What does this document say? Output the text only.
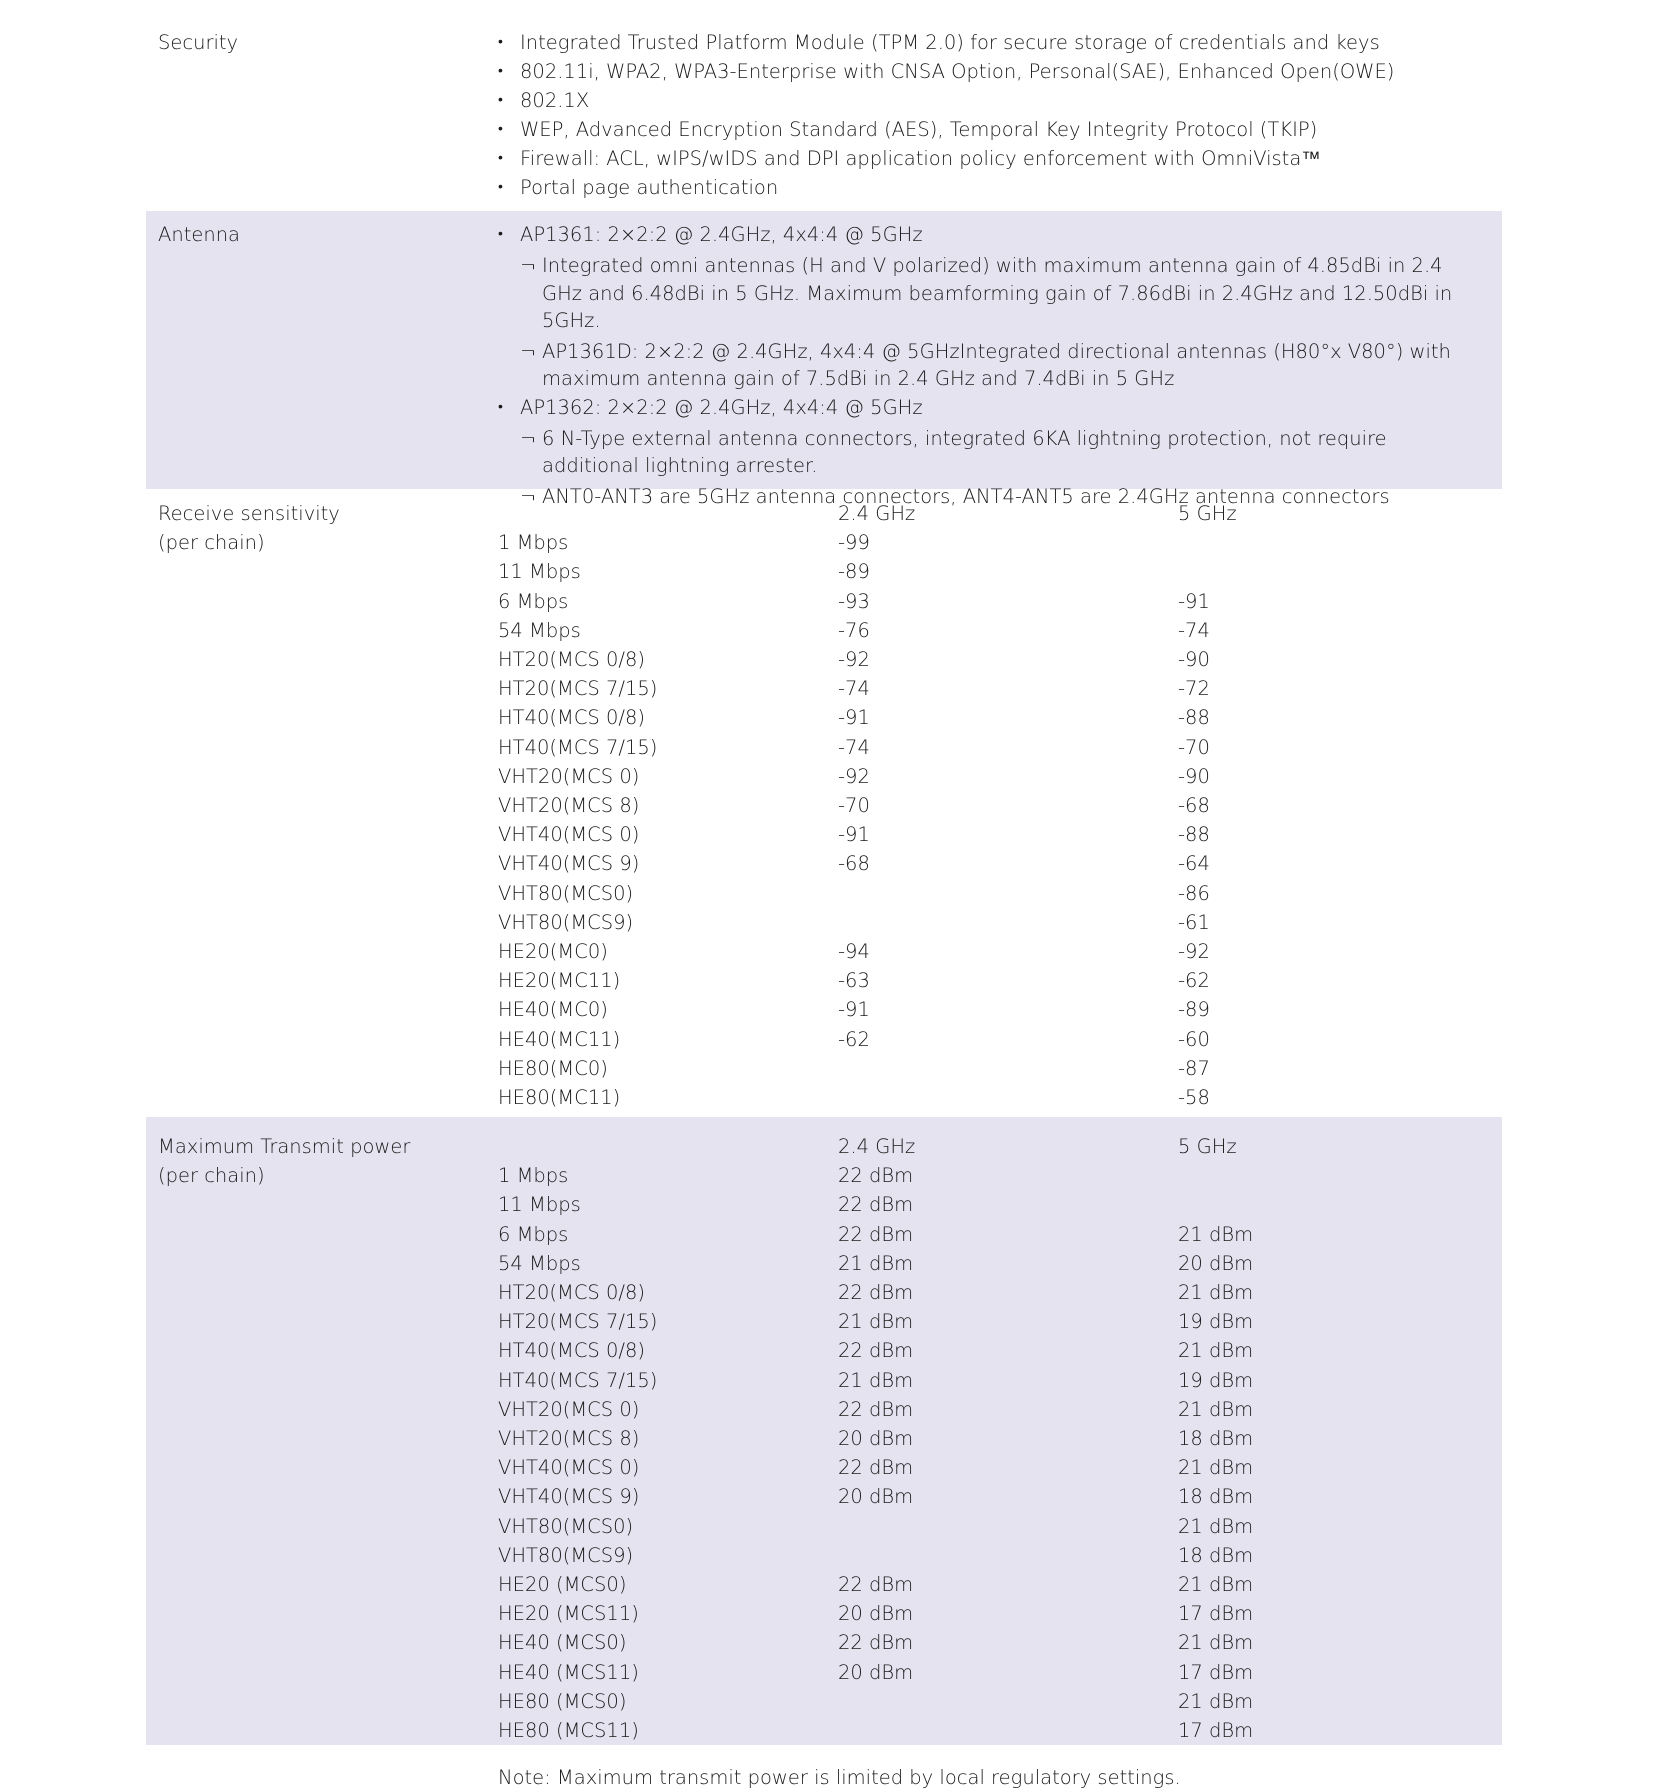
Security	• Integrated Trusted Platform Module (TPM 2.0) for secure storage of credentials and keys
• 802.11i, WPA2, WPA3-Enterprise with CNSA Option, Personal(SAE), Enhanced Open(OWE)
• 802.1X
• WEP, Advanced Encryption Standard (AES), Temporal Key Integrity Protocol (TKIP)
• Firewall: ACL, wIPS/wIDS and DPI application policy enforcement with OmniVista™
• Portal page authentication
Antenna	• AP1361: 2×2:2 @ 2.4GHz, 4x4:4 @ 5GHz
¬ Integrated omni antennas (H and V polarized) with maximum antenna gain of 4.85dBi in 2.4 GHz and 6.48dBi in 5 GHz. Maximum beamforming gain of 7.86dBi in 2.4GHz and 12.50dBi in 5GHz.
¬ AP1361D: 2×2:2 @ 2.4GHz, 4x4:4 @ 5GHzIntegrated directional antennas (H80°x V80°) with maximum antenna gain of 7.5dBi in 2.4 GHz and 7.4dBi in 5 GHz
• AP1362: 2×2:2 @ 2.4GHz, 4x4:4 @ 5GHz
¬ 6 N-Type external antenna connectors, integrated 6KA lightning protection, not require additional lightning arrester.
¬ ANT0-ANT3 are 5GHz antenna connectors, ANT4-ANT5 are 2.4GHz antenna connectors
Receive sensitivity
(per chain)
	2.4 GHz	5 GHz
1 Mbps	-99	
11 Mbps	-89	
6 Mbps	-93	-91
54 Mbps	-76	-74
HT20(MCS 0/8)	-92	-90
HT20(MCS 7/15)	-74	-72
HT40(MCS 0/8)	-91	-88
HT40(MCS 7/15)	-74	-70
VHT20(MCS 0)	-92	-90
VHT20(MCS 8)	-70	-68
VHT40(MCS 0)	-91	-88
VHT40(MCS 9)	-68	-64
VHT80(MCS0)		-86
VHT80(MCS9)		-61
HE20(MC0)	-94	-92
HE20(MC11)	-63	-62
HE40(MC0)	-91	-89
HE40(MC11)	-62	-60
HE80(MC0)		-87
HE80(MC11)		-58
Maximum Transmit power
(per chain)
	2.4 GHz	5 GHz
1 Mbps	22 dBm	
11 Mbps	22 dBm	
6 Mbps	22 dBm	21 dBm
54 Mbps	21 dBm	20 dBm
HT20(MCS 0/8)	22 dBm	21 dBm
HT20(MCS 7/15)	21 dBm	19 dBm
HT40(MCS 0/8)	22 dBm	21 dBm
HT40(MCS 7/15)	21 dBm	19 dBm
VHT20(MCS 0)	22 dBm	21 dBm
VHT20(MCS 8)	20 dBm	18 dBm
VHT40(MCS 0)	22 dBm	21 dBm
VHT40(MCS 9)	20 dBm	18 dBm
VHT80(MCS0)		21 dBm
VHT80(MCS9)		18 dBm
HE20 (MCS0)	22 dBm	21 dBm
HE20 (MCS11)	20 dBm	17 dBm
HE40 (MCS0)	22 dBm	21 dBm
HE40 (MCS11)	20 dBm	17 dBm
HE80 (MCS0)		21 dBm
HE80 (MCS11)		17 dBm
Note: Maximum transmit power is limited by local regulatory settings.
